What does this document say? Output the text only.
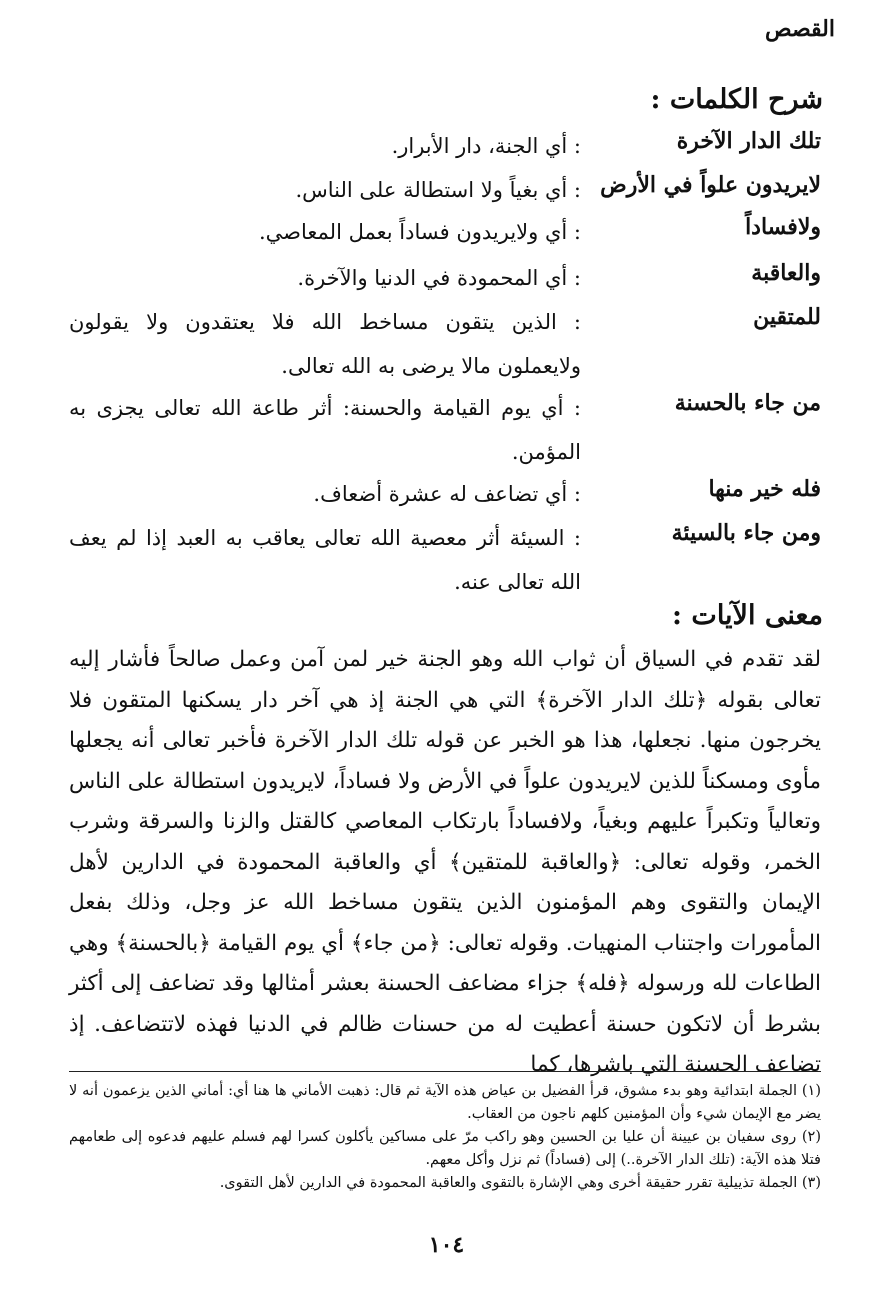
القصص
شرح الكلمات :
تلك الدار الآخرة
: أي الجنة، دار الأبرار.
لايريدون علواً في الأرض
: أي بغياً ولا استطالة على الناس.
ولافساداً
: أي ولايريدون فساداً بعمل المعاصي.
والعاقبة
: أي المحمودة في الدنيا والآخرة.
للمتقين
: الذين يتقون مساخط الله فلا يعتقدون ولا يقولون ولايعملون مالا يرضى به الله تعالى.
من جاء بالحسنة
: أي يوم القيامة والحسنة: أثر طاعة الله تعالى يجزى به المؤمن.
فله خير منها
: أي تضاعف له عشرة أضعاف.
ومن جاء بالسيئة
: السيئة أثر معصية الله تعالى يعاقب به العبد إذا لم يعف الله تعالى عنه.
معنى الآيات :
لقد تقدم في السياق أن ثواب الله وهو الجنة خير لمن آمن وعمل صالحاً فأشار إليه تعالى بقوله ﴿تلك الدار الآخرة﴾ التي هي الجنة إذ هي آخر دار يسكنها المتقون فلا يخرجون منها. نجعلها، هذا هو الخبر عن قوله تلك الدار الآخرة فأخبر تعالى أنه يجعلها مأوى ومسكناً للذين لايريدون علواً في الأرض ولا فساداً، لايريدون استطالة على الناس وتعالياً وتكبراً عليهم وبغياً، ولافساداً بارتكاب المعاصي كالقتل والزنا والسرقة وشرب الخمر، وقوله تعالى: ﴿والعاقبة للمتقين﴾ أي والعاقبة المحمودة في الدارين لأهل الإيمان والتقوى وهم المؤمنون الذين يتقون مساخط الله عز وجل، وذلك بفعل المأمورات واجتناب المنهيات. وقوله تعالى: ﴿من جاء﴾ أي يوم القيامة ﴿بالحسنة﴾ وهي الطاعات لله ورسوله ﴿فله﴾ جزاء مضاعف الحسنة بعشر أمثالها وقد تضاعف إلى أكثر بشرط أن لاتكون حسنة أعطيت له من حسنات ظالم في الدنيا فهذه لاتتضاعف. إذ تضاعف الحسنة التي باشرها، كما

(١) الجملة ابتدائية وهو بدء مشوق، قرأ الفضيل بن عياض هذه الآية ثم قال: ذهبت الأماني ها هنا أي: أماني الذين يزعمون أنه لا يضر مع الإيمان شيء وأن المؤمنين كلهم ناجون من العقاب.

(٢) روى سفيان بن عيينة أن عليا بن الحسين وهو راكب مرّ على مساكين يأكلون كسرا لهم فسلم عليهم فدعوه إلى طعامهم فتلا هذه الآية: (تلك الدار الآخرة..) إلى (فساداً) ثم نزل وأكل معهم.

(٣) الجملة تذييلية تقرر حقيقة أخرى وهي الإشارة بالتقوى والعاقبة المحمودة في الدارين لأهل التقوى.

١٠٤
